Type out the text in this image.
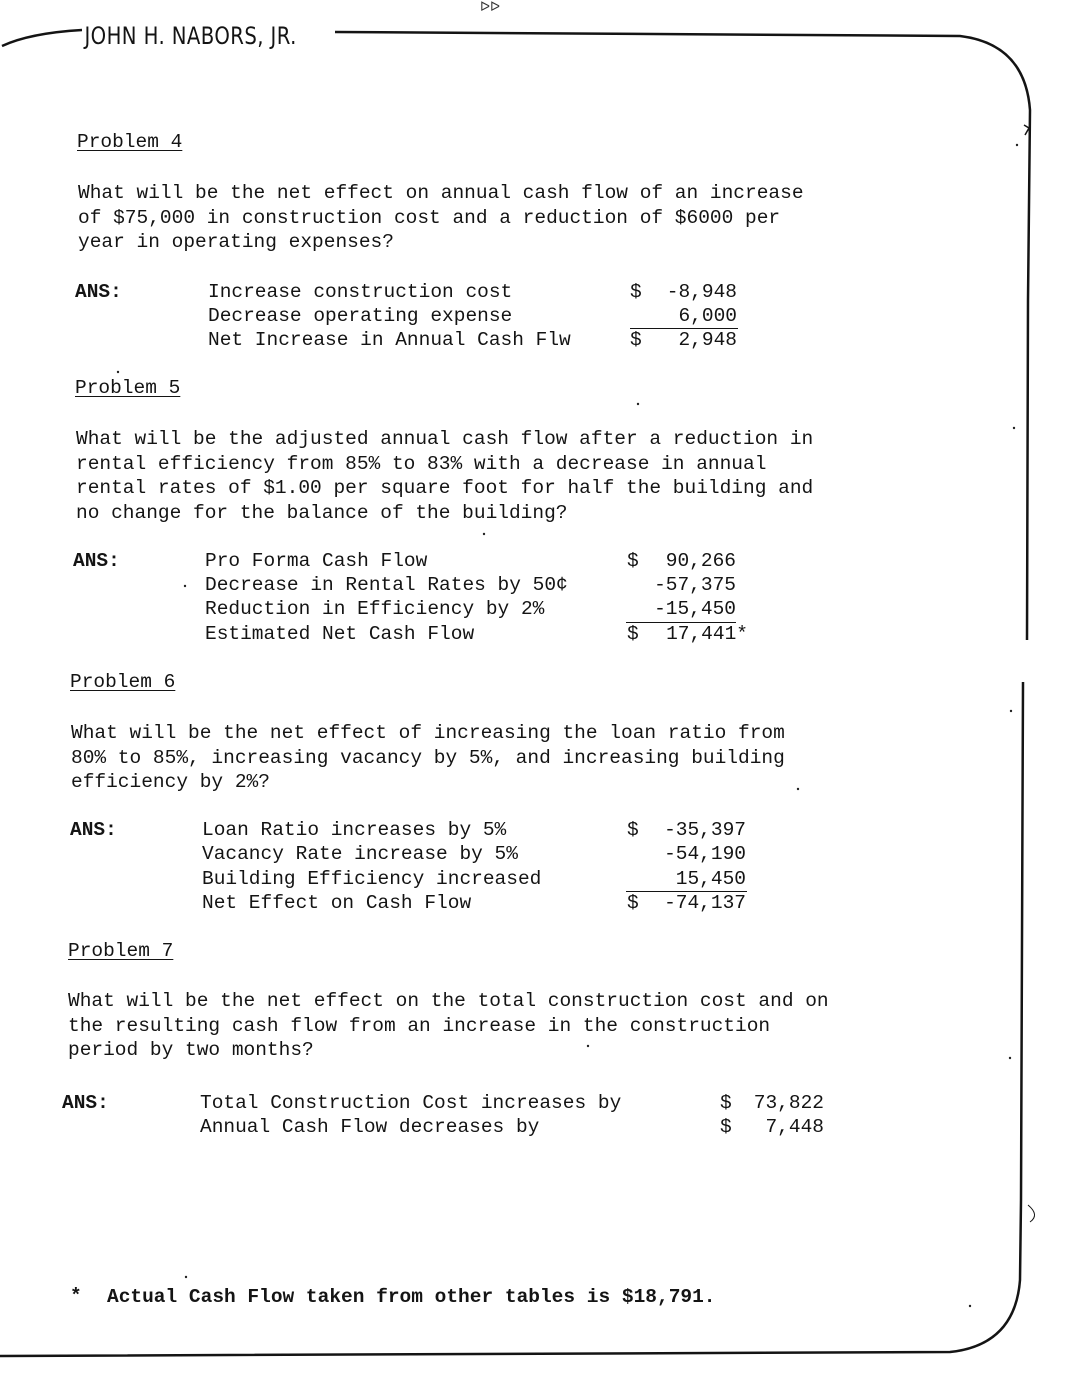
JOHN H. NABORS, JR.
ᐅᐅ
Problem 4
What will be the net effect on annual cash flow of an increase
of $75,000 in construction cost and a reduction of $6000 per
year in operating expenses?
ANS:	Increase construction cost	$	-8,948
Decrease operating expense	6,000
Net Increase in Annual Cash Flw	$	2,948
Problem 5
What will be the adjusted annual cash flow after a reduction in
rental efficiency from 85% to 83% with a decrease in annual
rental rates of $1.00 per square foot for half the building and
no change for the balance of the building?
ANS:	Pro Forma Cash Flow	$	90,266
Decrease in Rental Rates by 50¢	-57,375
Reduction in Efficiency by 2%	-15,450
Estimated Net Cash Flow	$	17,441*
Problem 6
What will be the net effect of increasing the loan ratio from
80% to 85%, increasing vacancy by 5%, and increasing building
efficiency by 2%?
ANS:	Loan Ratio increases by 5%	$	-35,397
Vacancy Rate increase by 5%	-54,190
Building Efficiency increased	15,450
Net Effect on Cash Flow	$	-74,137
Problem 7
What will be the net effect on the total construction cost and on
the resulting cash flow from an increase in the construction
period by two months?
ANS:	Total Construction Cost increases by	$	73,822
Annual Cash Flow decreases by	$	7,448
* Actual Cash Flow taken from other tables is $18,791.
